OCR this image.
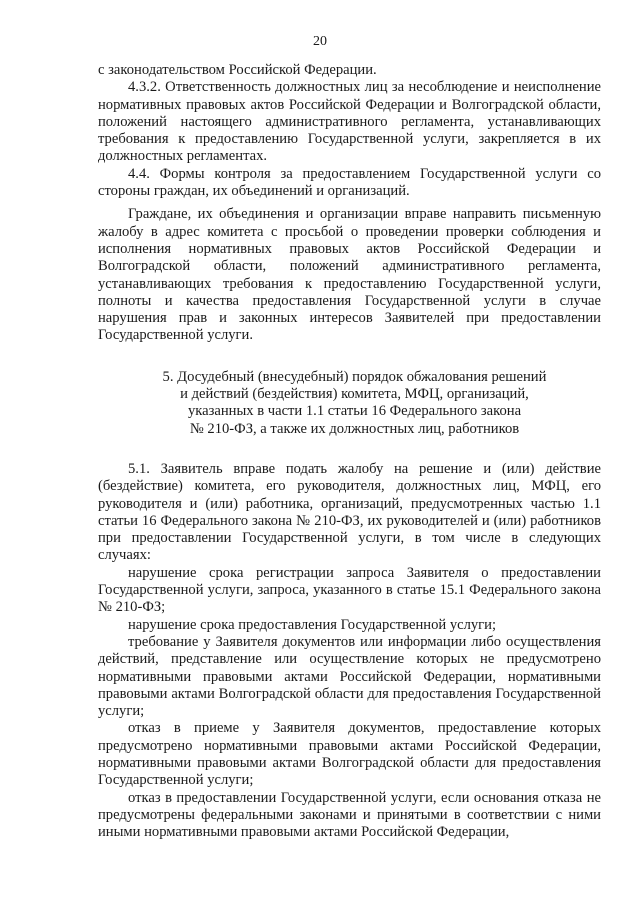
20

с законодательством Российской Федерации.

4.3.2. Ответственность должностных лиц за несоблюдение и неисполнение нормативных правовых актов Российской Федерации и Волгоградской области, положений настоящего административного регламента, устанавливающих требования к предоставлению Государственной услуги, закрепляется в их должностных регламентах.

4.4. Формы контроля за предоставлением Государственной услуги со стороны граждан, их объединений и организаций.

Граждане, их объединения и организации вправе направить письменную жалобу в адрес комитета с просьбой о проведении проверки соблюдения и исполнения нормативных правовых актов Российской Федерации и Волгоградской области, положений административного регламента, устанавливающих требования к предоставлению Государственной услуги, полноты и качества предоставления Государственной услуги в случае нарушения прав и законных интересов Заявителей при предоставлении Государственной услуги.

5. Досудебный (внесудебный) порядок обжалования решений
и действий (бездействия) комитета, МФЦ, организаций,
указанных в части 1.1 статьи 16 Федерального закона
№ 210-ФЗ, а также их должностных лиц, работников

5.1. Заявитель вправе подать жалобу на решение и (или) действие (бездействие) комитета, его руководителя, должностных лиц, МФЦ, его руководителя и (или) работника, организаций, предусмотренных частью 1.1 статьи 16 Федерального закона № 210-ФЗ, их руководителей и (или) работников при предоставлении Государственной услуги, в том числе в следующих случаях:

нарушение срока регистрации запроса Заявителя о предоставлении Государственной услуги, запроса, указанного в статье 15.1 Федерального закона № 210-ФЗ;

нарушение срока предоставления Государственной услуги;

требование у Заявителя документов или информации либо осуществления действий, представление или осуществление которых не предусмотрено нормативными правовыми актами Российской Федерации, нормативными правовыми актами Волгоградской области для предоставления Государственной услуги;

отказ в приеме у Заявителя документов, предоставление которых предусмотрено нормативными правовыми актами Российской Федерации, нормативными правовыми актами Волгоградской области для предоставления Государственной услуги;

отказ в предоставлении Государственной услуги, если основания отказа не предусмотрены федеральными законами и принятыми в соответствии с ними иными нормативными правовыми актами Российской Федерации,
